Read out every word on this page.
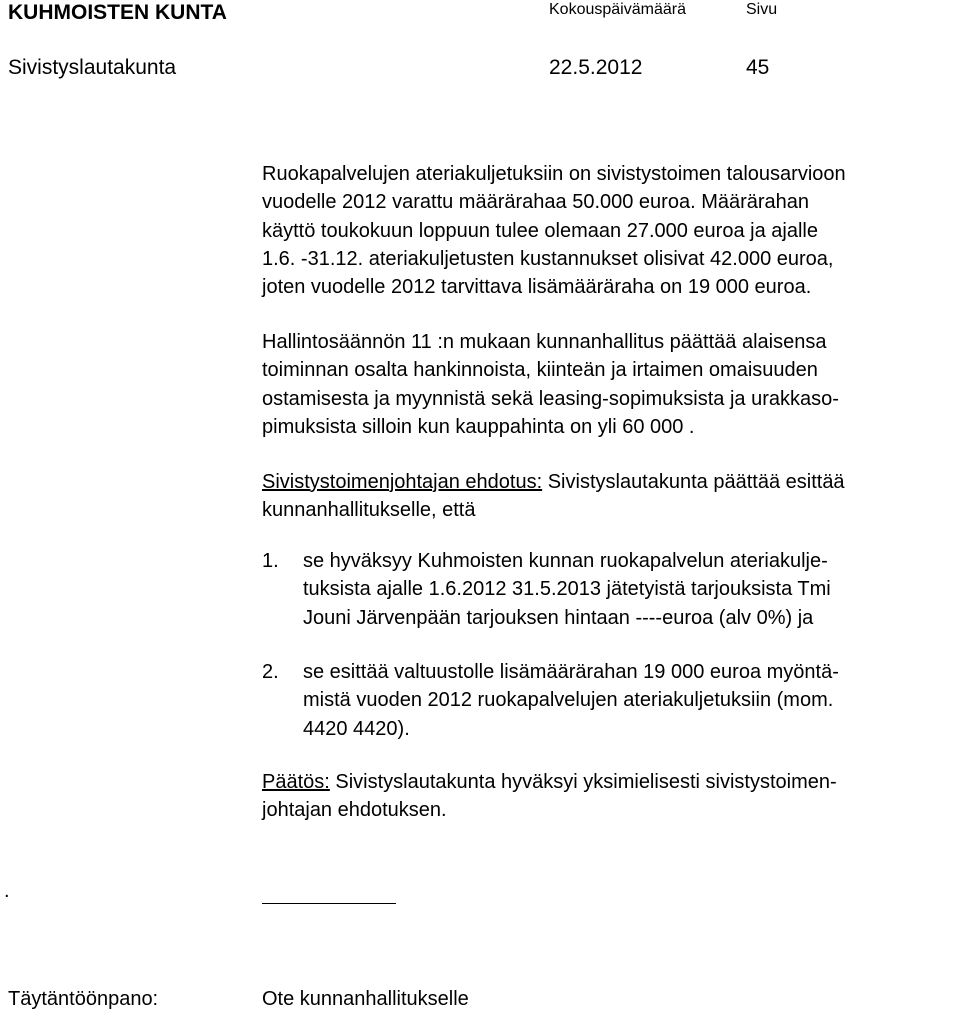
KUHMOISTEN KUNTA	Kokouspäivämäärä	Sivu
Sivistyslautakunta	22.5.2012	45
Ruokapalvelujen ateriakuljetuksiin on sivistystoimen talousarvioon
vuodelle 2012 varattu määrärahaa 50.000 euroa. Määrärahan
käyttö toukokuun loppuun tulee olemaan 27.000 euroa ja ajalle
1.6. -31.12. ateriakuljetusten kustannukset olisivat 42.000 euroa,
joten vuodelle 2012 tarvittava lisämääräraha on 19 000 euroa.
Hallintosäännön 11 :n mukaan kunnanhallitus päättää alaisensa
toiminnan osalta hankinnoista, kiinteän ja irtaimen omaisuuden
ostamisesta ja myynnistä sekä leasing-sopimuksista ja urakkaso-
pimuksista silloin kun kauppahinta on yli 60 000 .
Sivistystoimenjohtajan ehdotus: Sivistyslautakunta päättää esittää
kunnanhallitukselle, että
1. se hyväksyy Kuhmoisten kunnan ruokapalvelun ateriakulje-
tuksista ajalle 1.6.2012 31.5.2013 jätetyistä tarjouksista Tmi
Jouni Järvenpään tarjouksen hintaan ----euroa (alv 0%) ja
2. se esittää valtuustolle lisämäärärahan 19 000 euroa myöntä-
mistä vuoden 2012 ruokapalvelujen ateriakuljetuksiin (mom.
4420 4420).
Päätös: Sivistyslautakunta hyväksyi yksimielisesti sivistystoimen-
johtajan ehdotuksen.
.
Täytäntöönpano:	Ote kunnanhallitukselle
